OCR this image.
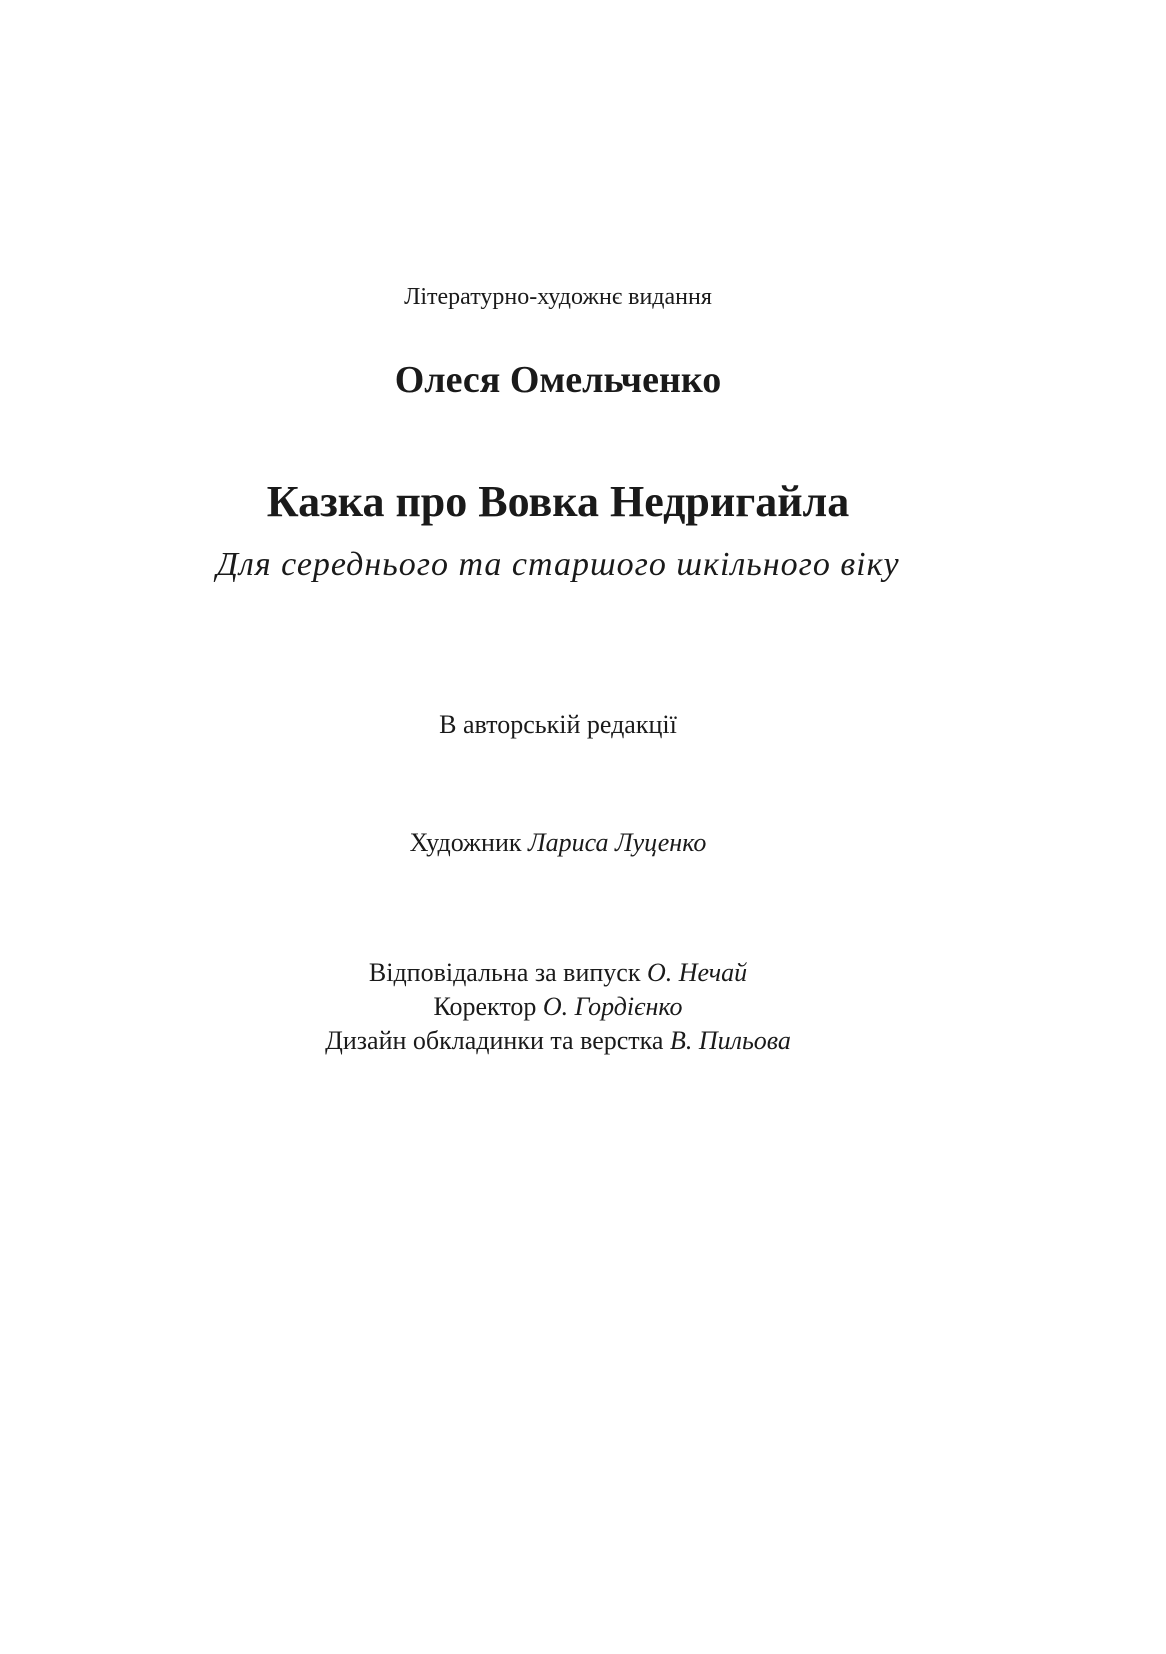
Літературно-художнє видання
Олеся Омельченко
Казка про Вовка Недригайла
Для середнього та старшого шкільного віку
В авторській редакції
Художник Лариса Луценко
Відповідальна за випуск О. Нечай
Коректор О. Гордієнко
Дизайн обкладинки та верстка В. Пильова
